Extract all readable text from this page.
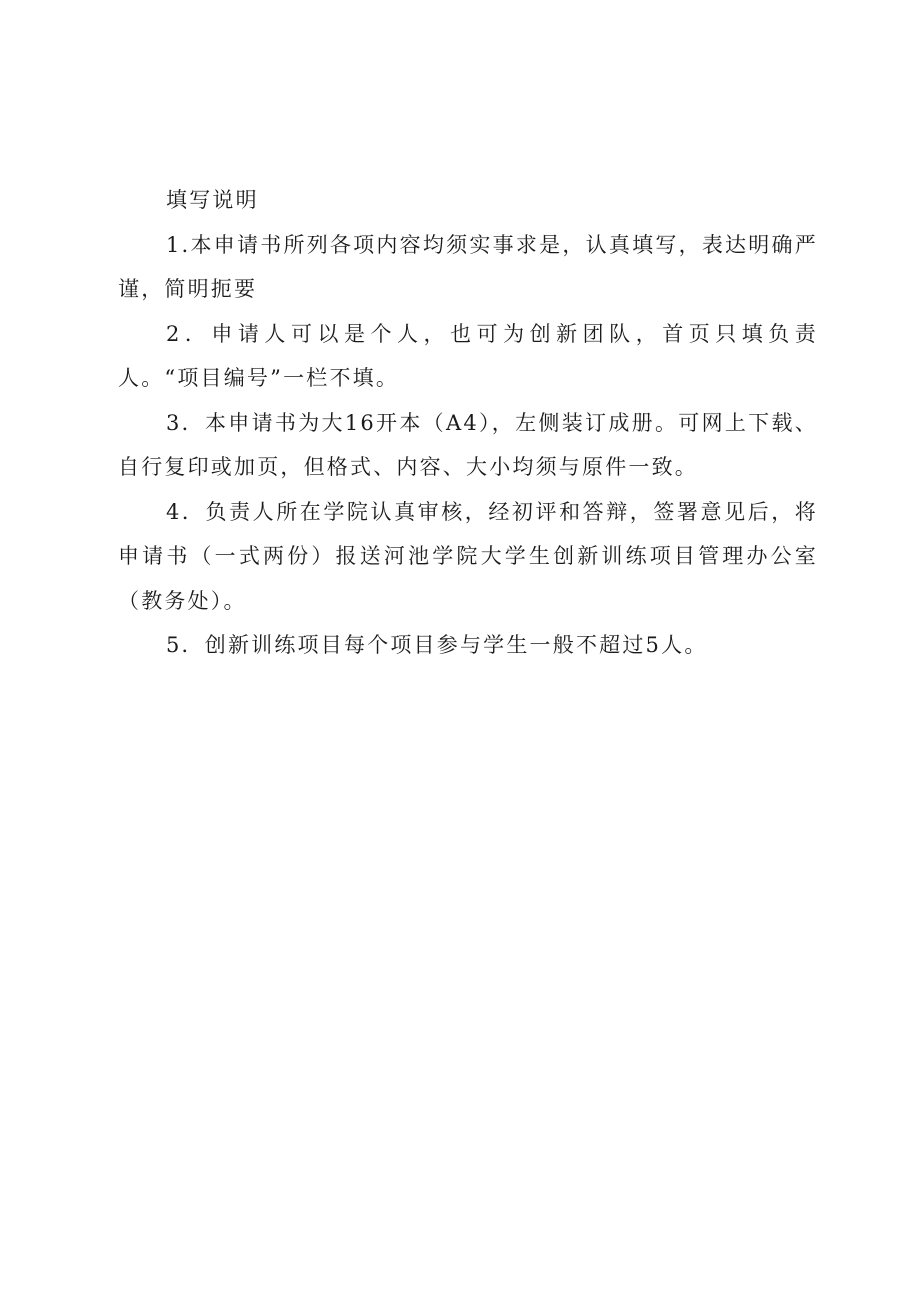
填写说明

1.本申请书所列各项内容均须实事求是，认真填写，表达明确严谨，简明扼要

2．申请人可以是个人，也可为创新团队，首页只填负责人。“项目编号”一栏不填。

3．本申请书为大16开本（A4），左侧装订成册。可网上下载、自行复印或加页，但格式、内容、大小均须与原件一致。

4．负责人所在学院认真审核，经初评和答辩，签署意见后，将申请书（一式两份）报送河池学院大学生创新训练项目管理办公室（教务处）。

5．创新训练项目每个项目参与学生一般不超过5人。
